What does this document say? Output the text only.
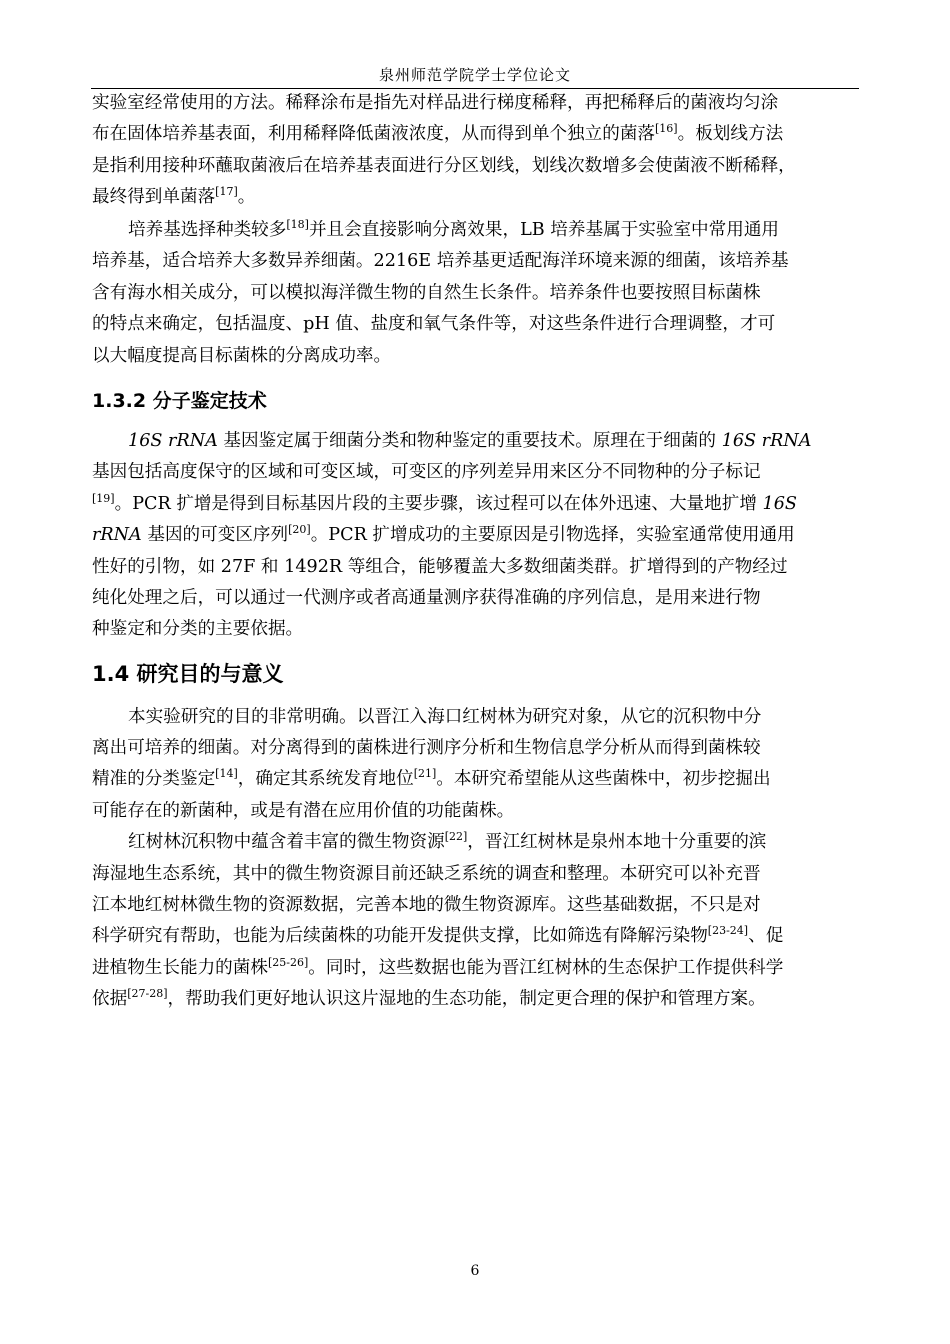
泉州师范学院学士学位论文
实验室经常使用的方法。稀释涂布是指先对样品进行梯度稀释，再把稀释后的菌液均匀涂
布在固体培养基表面，利用稀释降低菌液浓度，从而得到单个独立的菌落[16]。板划线方法
是指利用接种环蘸取菌液后在培养基表面进行分区划线，划线次数增多会使菌液不断稀释，
最终得到单菌落[17]。
培养基选择种类较多[18]并且会直接影响分离效果，LB 培养基属于实验室中常用通用
培养基，适合培养大多数异养细菌。2216E 培养基更适配海洋环境来源的细菌，该培养基
含有海水相关成分，可以模拟海洋微生物的自然生长条件。培养条件也要按照目标菌株
的特点来确定，包括温度、pH 值、盐度和氧气条件等，对这些条件进行合理调整，才可
以大幅度提高目标菌株的分离成功率。
1.3.2 分子鉴定技术
16S rRNA 基因鉴定属于细菌分类和物种鉴定的重要技术。原理在于细菌的 16S rRNA
基因包括高度保守的区域和可变区域，可变区的序列差异用来区分不同物种的分子标记
[19]。PCR 扩增是得到目标基因片段的主要步骤，该过程可以在体外迅速、大量地扩增 16S
rRNA 基因的可变区序列[20]。PCR 扩增成功的主要原因是引物选择，实验室通常使用通用
性好的引物，如 27F 和 1492R 等组合，能够覆盖大多数细菌类群。扩增得到的产物经过
纯化处理之后，可以通过一代测序或者高通量测序获得准确的序列信息，是用来进行物
种鉴定和分类的主要依据。
1.4 研究目的与意义
本实验研究的目的非常明确。以晋江入海口红树林为研究对象，从它的沉积物中分
离出可培养的细菌。对分离得到的菌株进行测序分析和生物信息学分析从而得到菌株较
精准的分类鉴定[14]，确定其系统发育地位[21]。本研究希望能从这些菌株中，初步挖掘出
可能存在的新菌种，或是有潜在应用价值的功能菌株。
红树林沉积物中蕴含着丰富的微生物资源[22]，晋江红树林是泉州本地十分重要的滨
海湿地生态系统，其中的微生物资源目前还缺乏系统的调查和整理。本研究可以补充晋
江本地红树林微生物的资源数据，完善本地的微生物资源库。这些基础数据，不只是对
科学研究有帮助，也能为后续菌株的功能开发提供支撑，比如筛选有降解污染物[23-24]、促
进植物生长能力的菌株[25-26]。同时，这些数据也能为晋江红树林的生态保护工作提供科学
依据[27-28]，帮助我们更好地认识这片湿地的生态功能，制定更合理的保护和管理方案。
6
